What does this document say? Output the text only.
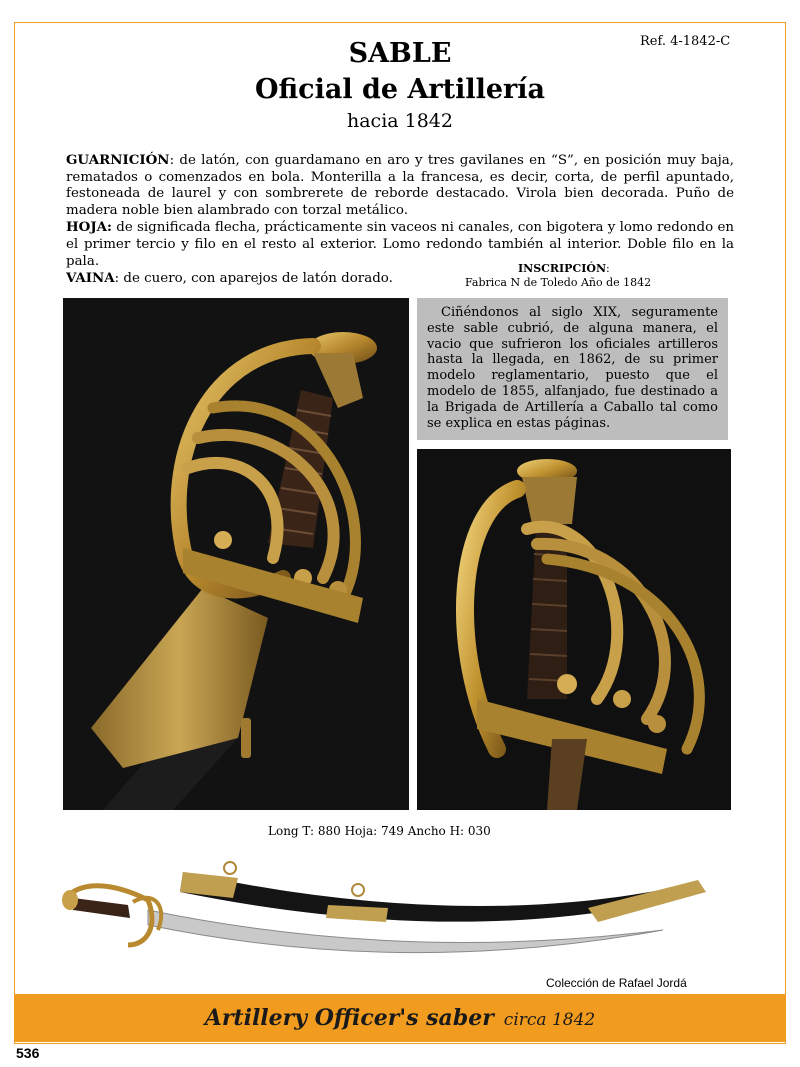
Ref. 4-1842-C
SABLE
Oficial de Artillería
hacia 1842

GUARNICIÓN: de latón, con guardamano en aro y tres gavilanes en “S”, en posición muy baja, rematados o comenzados en bola. Monterilla a la francesa, es decir, corta, de perfil apuntado, festoneada de laurel y con sombrerete de reborde destacado. Virola bien decorada. Puño de madera noble bien alambrado con torzal metálico.

HOJA: de significada flecha, prácticamente sin vaceos ni canales, con bigotera y lomo redondo en el primer tercio y filo en el resto al exterior. Lomo redondo también al interior. Doble filo en la pala.

VAINA: de cuero, con aparejos de latón dorado.

INSCRIPCIÓN:
Fabrica N de Toledo Año de 1842
Ciñéndonos al siglo XIX, seguramente este sable cubrió, de alguna manera, el vacio que sufrieron los oficiales artilleros hasta la llegada, en 1862, de su primer modelo reglamentario, puesto que el modelo de 1855, alfanjado, fue destinado a la Brigada de Artillería a Caballo tal como se explica en estas páginas.
Long T: 880 Hoja: 749 Ancho H: 030
Colección de Rafael Jordá
Artillery Officer's saber circa 1842
536
